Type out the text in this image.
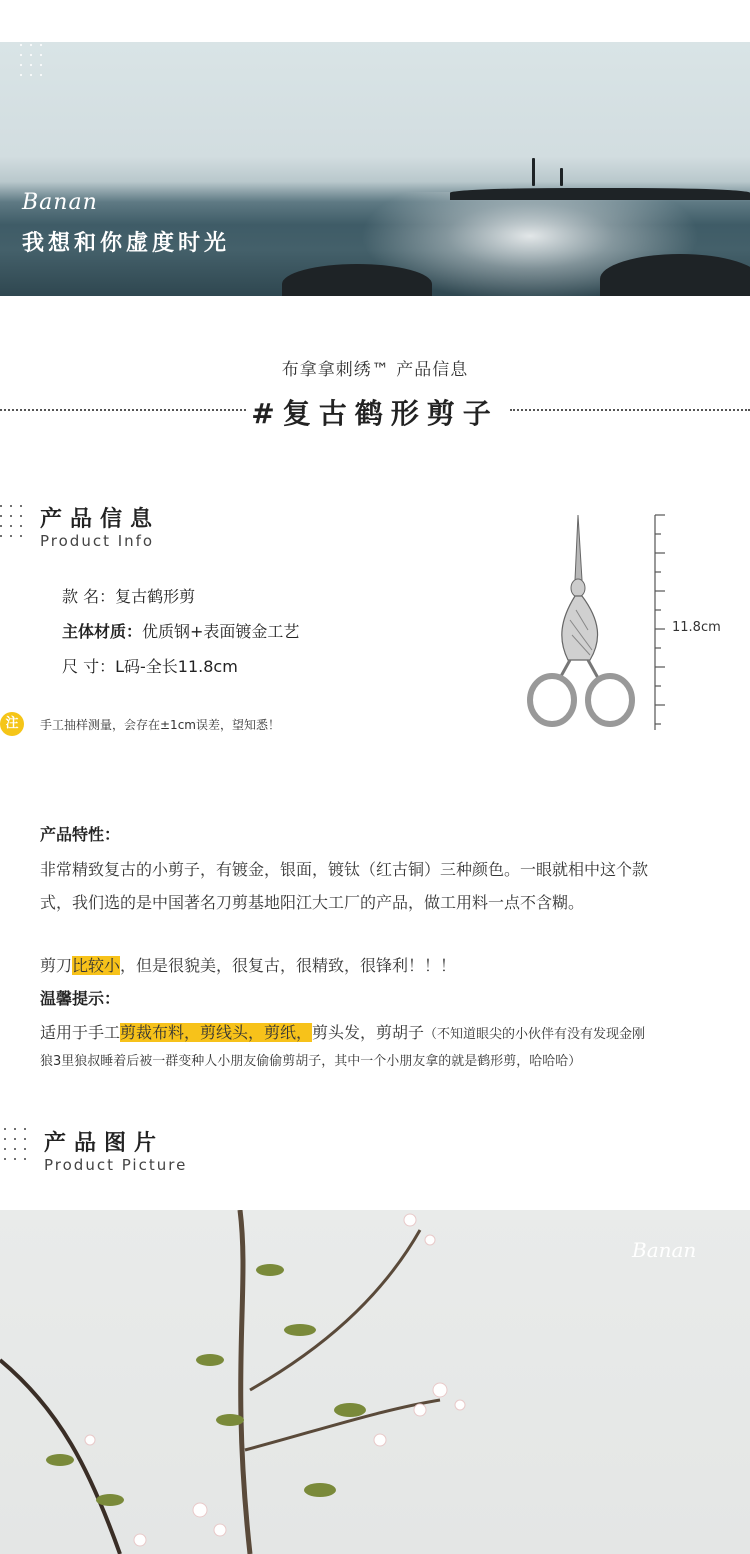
Banan
我想和你虚度时光
布拿拿刺绣™ 产品信息
#复古鹤形剪子
产品信息
Product Info
款 名：复古鹤形剪
主体材质：优质钢+表面镀金工艺
尺 寸：L码-全长11.8cm
注	手工抽样测量，会存在±1cm误差，望知悉！
11.8cm
产品特性：
非常精致复古的小剪子，有镀金，银面，镀钛（红古铜）三种颜色。一眼就相中这个款
式，我们选的是中国著名刀剪基地阳江大工厂的产品，做工用料一点不含糊。
剪刀比较小，但是很貌美，很复古，很精致，很锋利！！！
温馨提示：
适用于手工剪裁布料，剪线头，剪纸，剪头发，剪胡子（不知道眼尖的小伙伴有没有发现金刚
狼3里狼叔睡着后被一群变种人小朋友偷偷剪胡子，其中一个小朋友拿的就是鹤形剪，哈哈哈）
产品图片
Product Picture
Banan
